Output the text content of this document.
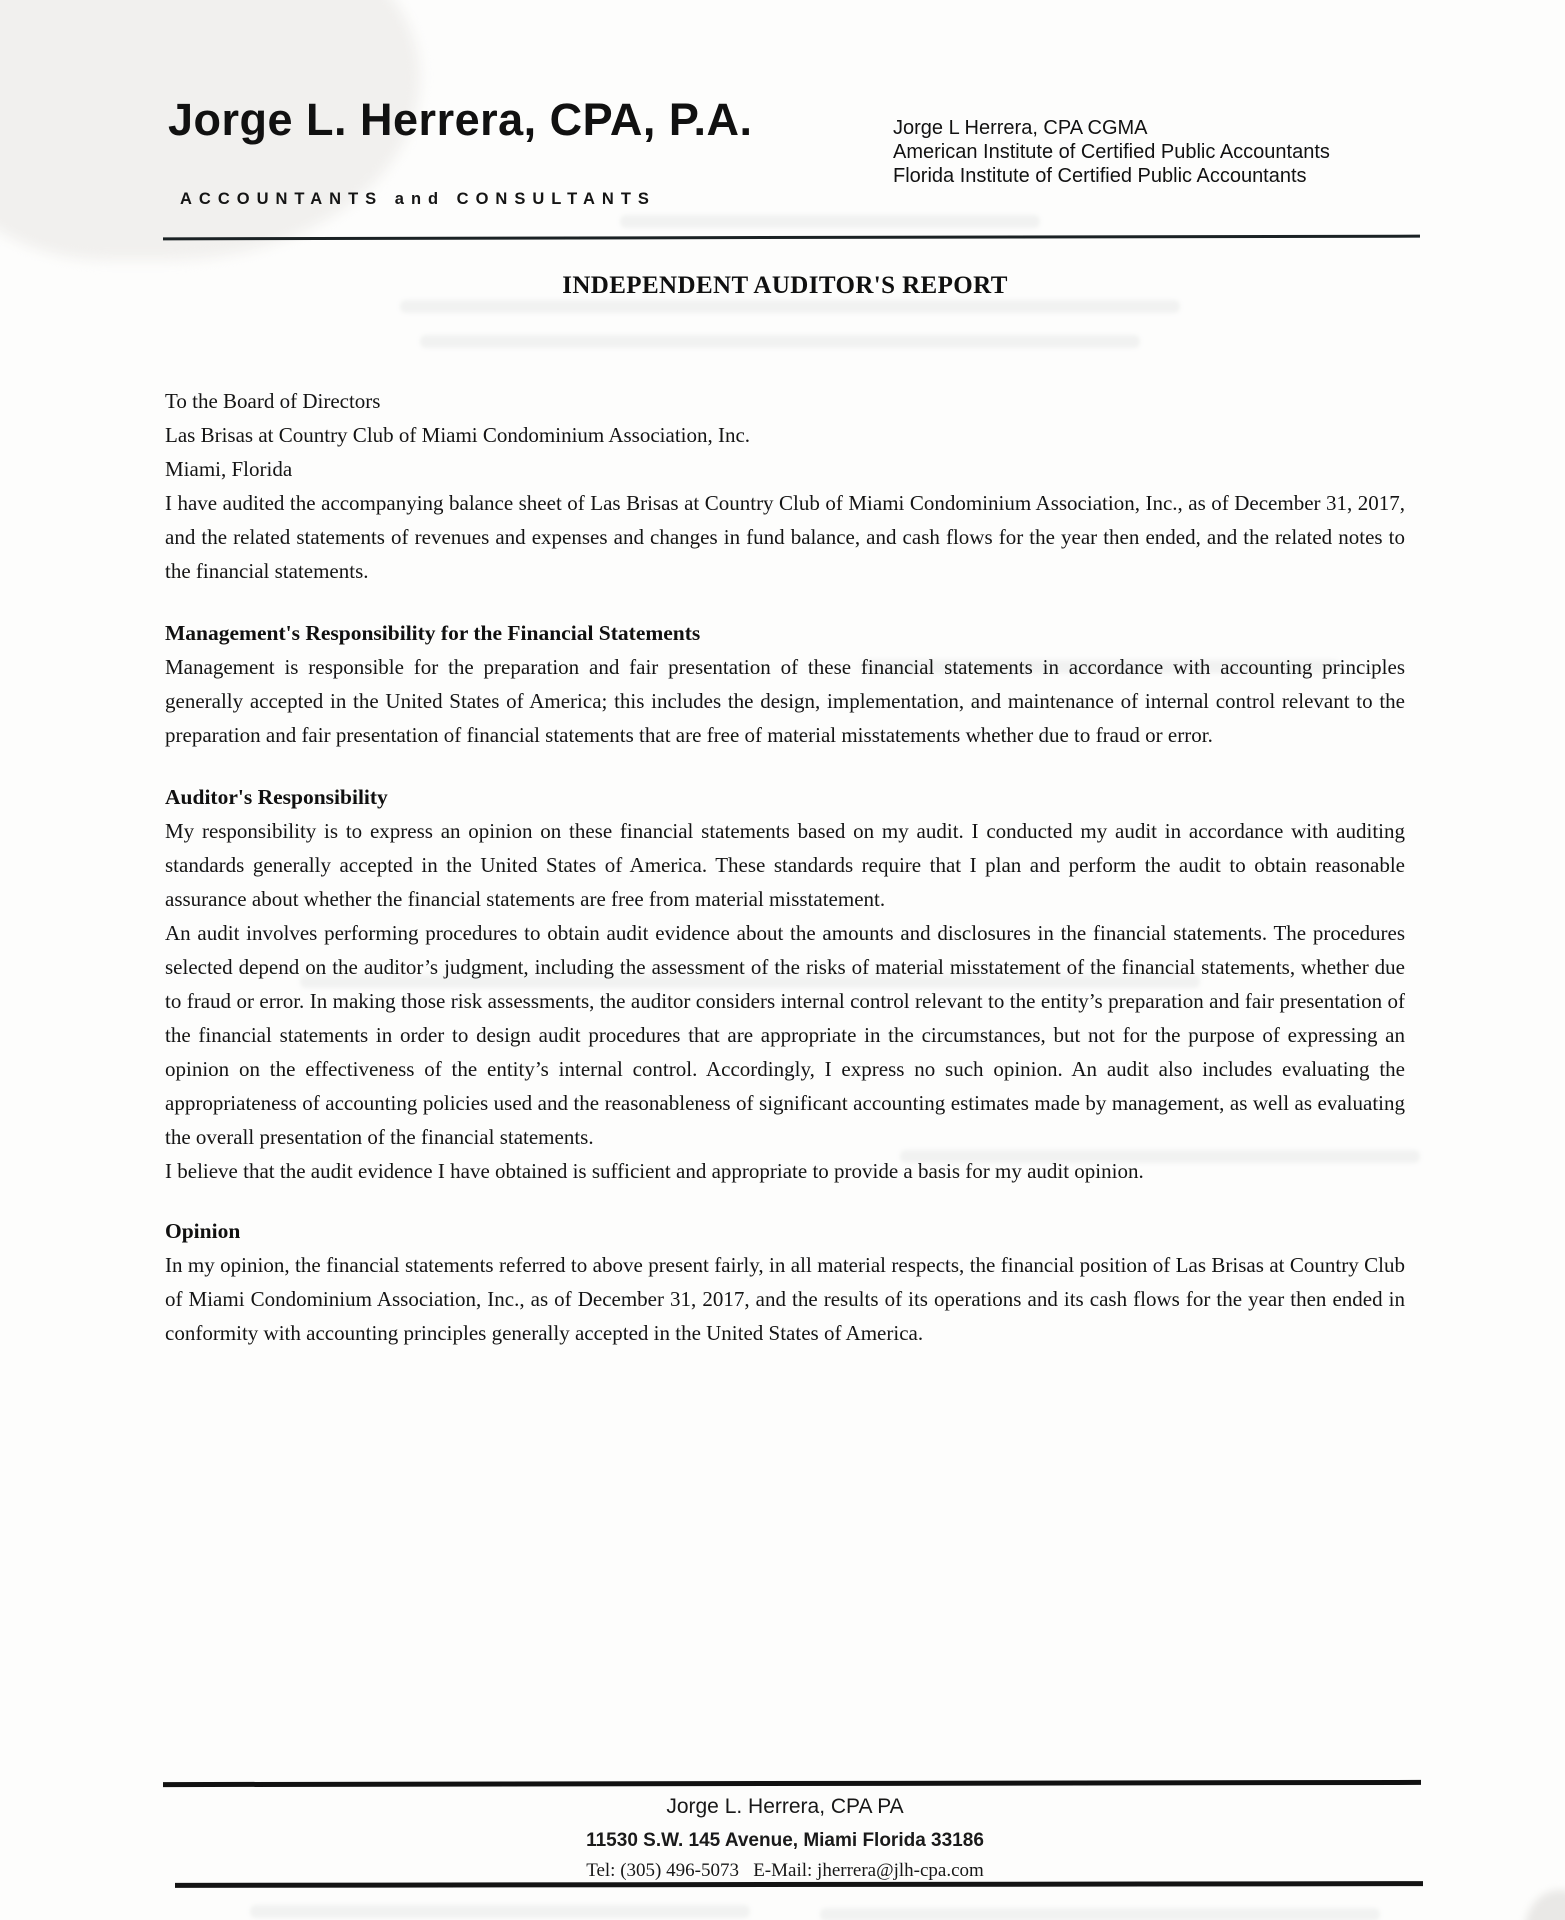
Jorge L. Herrera, CPA, P.A.
ACCOUNTANTS and CONSULTANTS
Jorge L Herrera, CPA CGMA
American Institute of Certified Public Accountants
Florida Institute of Certified Public Accountants
INDEPENDENT AUDITOR'S REPORT
To the Board of Directors
Las Brisas at Country Club of Miami Condominium Association, Inc.
Miami, Florida

I have audited the accompanying balance sheet of Las Brisas at Country Club of Miami Condominium Association, Inc., as of December 31, 2017, and the related statements of revenues and expenses and changes in fund balance, and cash flows for the year then ended, and the related notes to the financial statements.

Management's Responsibility for the Financial Statements

Management is responsible for the preparation and fair presentation of these financial statements in accordance with accounting principles generally accepted in the United States of America; this includes the design, implementation, and maintenance of internal control relevant to the preparation and fair presentation of financial statements that are free of material misstatements whether due to fraud or error.

Auditor's Responsibility

My responsibility is to express an opinion on these financial statements based on my audit. I conducted my audit in accordance with auditing standards generally accepted in the United States of America. These standards require that I plan and perform the audit to obtain reasonable assurance about whether the financial statements are free from material misstatement.

An audit involves performing procedures to obtain audit evidence about the amounts and disclosures in the financial statements. The procedures selected depend on the auditor’s judgment, including the assessment of the risks of material misstatement of the financial statements, whether due to fraud or error. In making those risk assessments, the auditor considers internal control relevant to the entity’s preparation and fair presentation of the financial statements in order to design audit procedures that are appropriate in the circumstances, but not for the purpose of expressing an opinion on the effectiveness of the entity’s internal control. Accordingly, I express no such opinion. An audit also includes evaluating the appropriateness of accounting policies used and the reasonableness of significant accounting estimates made by management, as well as evaluating the overall presentation of the financial statements.

I believe that the audit evidence I have obtained is sufficient and appropriate to provide a basis for my audit opinion.

Opinion

In my opinion, the financial statements referred to above present fairly, in all material respects, the financial position of Las Brisas at Country Club of Miami Condominium Association, Inc., as of December 31, 2017, and the results of its operations and its cash flows for the year then ended in conformity with accounting principles generally accepted in the United States of America.

Jorge L. Herrera, CPA PA
11530 S.W. 145 Avenue, Miami Florida 33186
Tel: (305) 496-5073   E-Mail: jherrera@jlh-cpa.com
